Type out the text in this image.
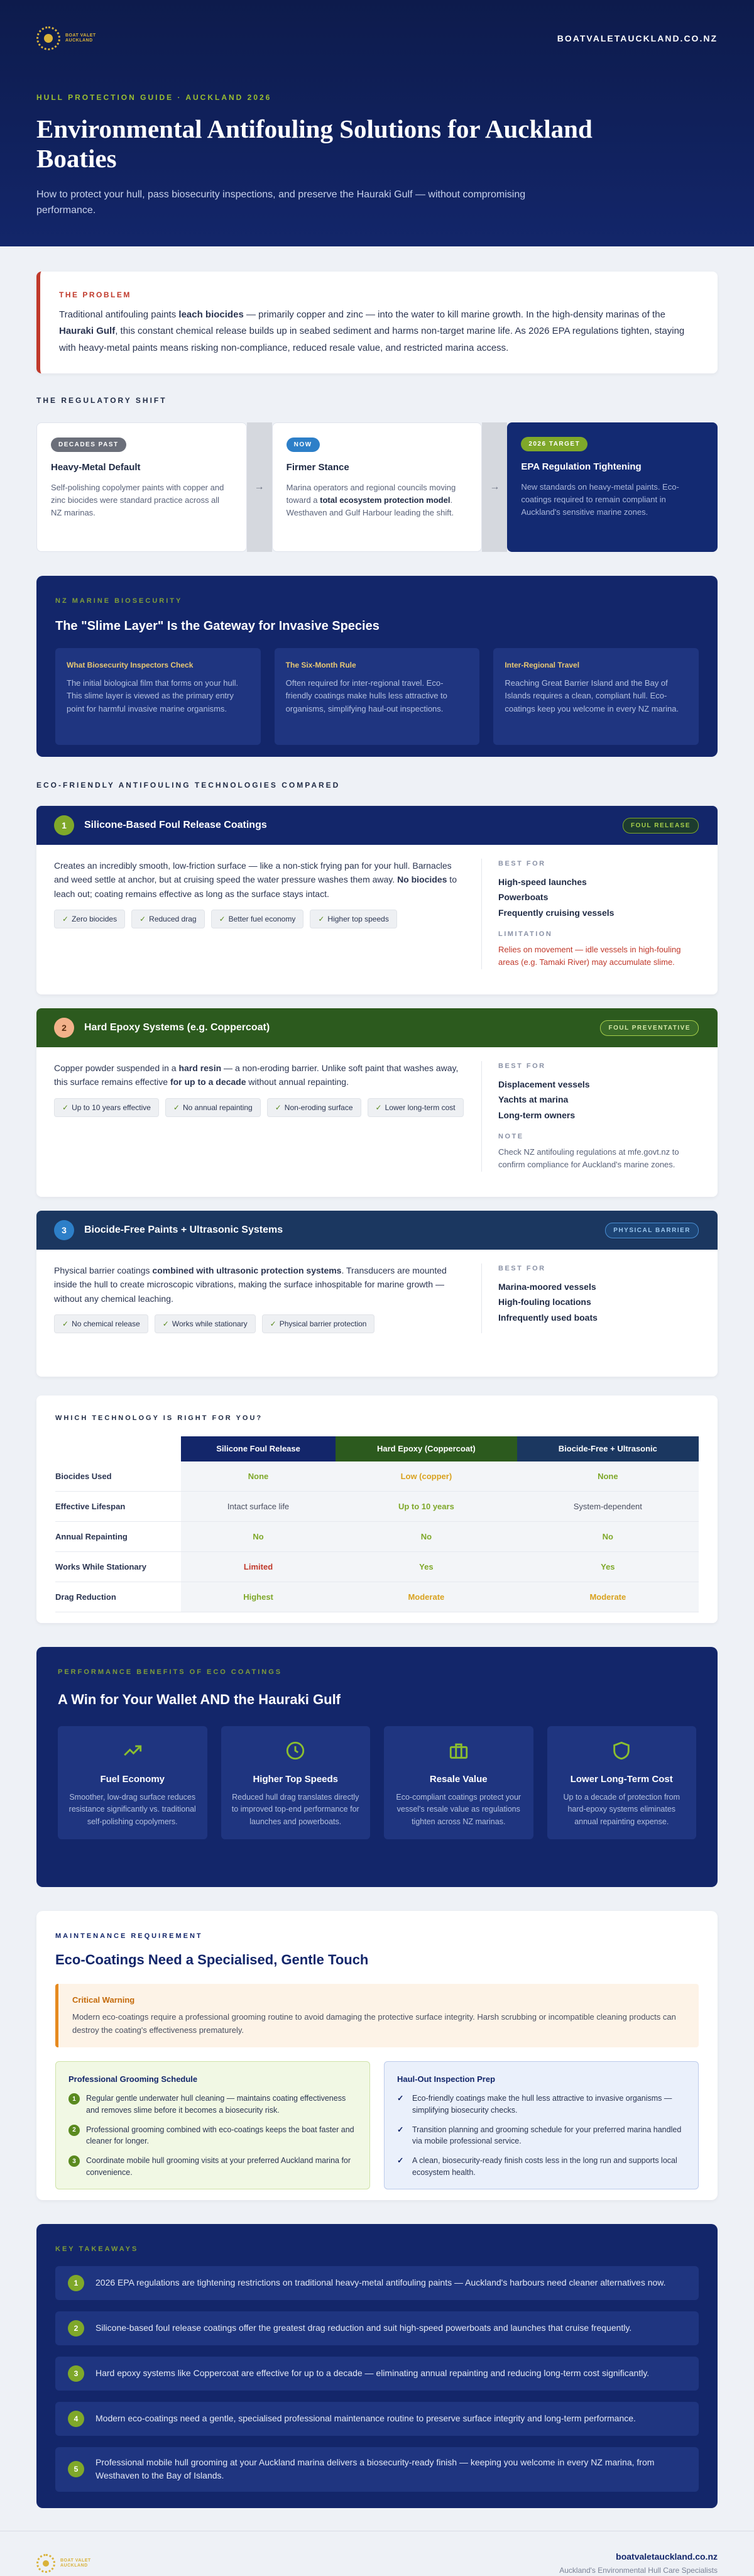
BOAT VALET
AUCKLAND	BOATVALETAUCKLAND.CO.NZ
HULL PROTECTION GUIDE · AUCKLAND 2026
Environmental Antifouling Solutions for Auckland Boaties

How to protect your hull, pass biosecurity inspections, and preserve the Hauraki Gulf — without compromising performance.

THE PROBLEM

Traditional antifouling paints leach biocides — primarily copper and zinc — into the water to kill marine growth. In the high-density marinas of the Hauraki Gulf, this constant chemical release builds up in seabed sediment and harms non-target marine life. As 2026 EPA regulations tighten, staying with heavy-metal paints means risking non-compliance, reduced resale value, and restricted marina access.

THE REGULATORY SHIFT
DECADES PAST
Heavy-Metal Default

Self-polishing copolymer paints with copper and zinc biocides were standard practice across all NZ marinas.

→
NOW
Firmer Stance

Marina operators and regional councils moving toward a total ecosystem protection model. Westhaven and Gulf Harbour leading the shift.

→
2026 TARGET
EPA Regulation Tightening

New standards on heavy-metal paints. Eco-coatings required to remain compliant in Auckland's sensitive marine zones.

NZ MARINE BIOSECURITY
The "Slime Layer" Is the Gateway for Invasive Species
What Biosecurity Inspectors Check

The initial biological film that forms on your hull. This slime layer is viewed as the primary entry point for harmful invasive marine organisms.

The Six-Month Rule

Often required for inter-regional travel. Eco-friendly coatings make hulls less attractive to organisms, simplifying haul-out inspections.

Inter-Regional Travel

Reaching Great Barrier Island and the Bay of Islands requires a clean, compliant hull. Eco-coatings keep you welcome in every NZ marina.

ECO-FRIENDLY ANTIFOULING TECHNOLOGIES COMPARED
1	Silicone-Based Foul Release Coatings	FOUL RELEASE

Creates an incredibly smooth, low-friction surface — like a non-stick frying pan for your hull. Barnacles and weed settle at anchor, but at cruising speed the water pressure washes them away. No biocides to leach out; coating remains effective as long as the surface stays intact.

✓ Zero biocides	✓ Reduced drag	✓ Better fuel economy	✓ Higher top speeds
BEST FOR
High-speed launches
Powerboats
Frequently cruising vessels
LIMITATION
Relies on movement — idle vessels in high-fouling areas (e.g. Tamaki River) may accumulate slime.
2	Hard Epoxy Systems (e.g. Coppercoat)	FOUL PREVENTATIVE

Copper powder suspended in a hard resin — a non-eroding barrier. Unlike soft paint that washes away, this surface remains effective for up to a decade without annual repainting.

✓ Up to 10 years effective	✓ No annual repainting	✓ Non-eroding surface	✓ Lower long-term cost
BEST FOR
Displacement vessels
Yachts at marina
Long-term owners
NOTE
Check NZ antifouling regulations at mfe.govt.nz to confirm compliance for Auckland's marine zones.
3	Biocide-Free Paints + Ultrasonic Systems	PHYSICAL BARRIER

Physical barrier coatings combined with ultrasonic protection systems. Transducers are mounted inside the hull to create microscopic vibrations, making the surface inhospitable for marine growth — without any chemical leaching.

✓ No chemical release	✓ Works while stationary	✓ Physical barrier protection
BEST FOR
Marina-moored vessels
High-fouling locations
Infrequently used boats
WHICH TECHNOLOGY IS RIGHT FOR YOU?
	Silicone Foul Release	Hard Epoxy (Coppercoat)	Biocide-Free + Ultrasonic
Biocides Used	None	Low (copper)	None
Effective Lifespan	Intact surface life	Up to 10 years	System-dependent
Annual Repainting	No	No	No
Works While Stationary	Limited	Yes	Yes
Drag Reduction	Highest	Moderate	Moderate
PERFORMANCE BENEFITS OF ECO COATINGS
A Win for Your Wallet AND the Hauraki Gulf
Fuel Economy

Smoother, low-drag surface reduces resistance significantly vs. traditional self-polishing copolymers.

Higher Top Speeds

Reduced hull drag translates directly to improved top-end performance for launches and powerboats.

Resale Value

Eco-compliant coatings protect your vessel's resale value as regulations tighten across NZ marinas.

Lower Long-Term Cost

Up to a decade of protection from hard-epoxy systems eliminates annual repainting expense.

MAINTENANCE REQUIREMENT
Eco-Coatings Need a Specialised, Gentle Touch
Critical Warning

Modern eco-coatings require a professional grooming routine to avoid damaging the protective surface integrity. Harsh scrubbing or incompatible cleaning products can destroy the coating's effectiveness prematurely.

Professional Grooming Schedule
1	Regular gentle underwater hull cleaning — maintains coating effectiveness and removes slime before it becomes a biosecurity risk.
2	Professional grooming combined with eco-coatings keeps the boat faster and cleaner for longer.
3	Coordinate mobile hull grooming visits at your preferred Auckland marina for convenience.
Haul-Out Inspection Prep
✓ Eco-friendly coatings make the hull less attractive to invasive organisms — simplifying biosecurity checks.
✓ Transition planning and grooming schedule for your preferred marina handled via mobile professional service.
✓ A clean, biosecurity-ready finish costs less in the long run and supports local ecosystem health.
KEY TAKEAWAYS
1	2026 EPA regulations are tightening restrictions on traditional heavy-metal antifouling paints — Auckland's harbours need cleaner alternatives now.

2	Silicone-based foul release coatings offer the greatest drag reduction and suit high-speed powerboats and launches that cruise frequently.

3	Hard epoxy systems like Coppercoat are effective for up to a decade — eliminating annual repainting and reducing long-term cost significantly.

4	Modern eco-coatings need a gentle, specialised professional maintenance routine to preserve surface integrity and long-term performance.

5

Professional mobile hull grooming at your Auckland marina delivers a biosecurity-ready finish — keeping you welcome in every NZ marina, from Westhaven to the Bay of Islands.

BOAT VALET
AUCKLAND
boatvaletauckland.co.nz
Auckland's Environmental Hull Care Specialists
